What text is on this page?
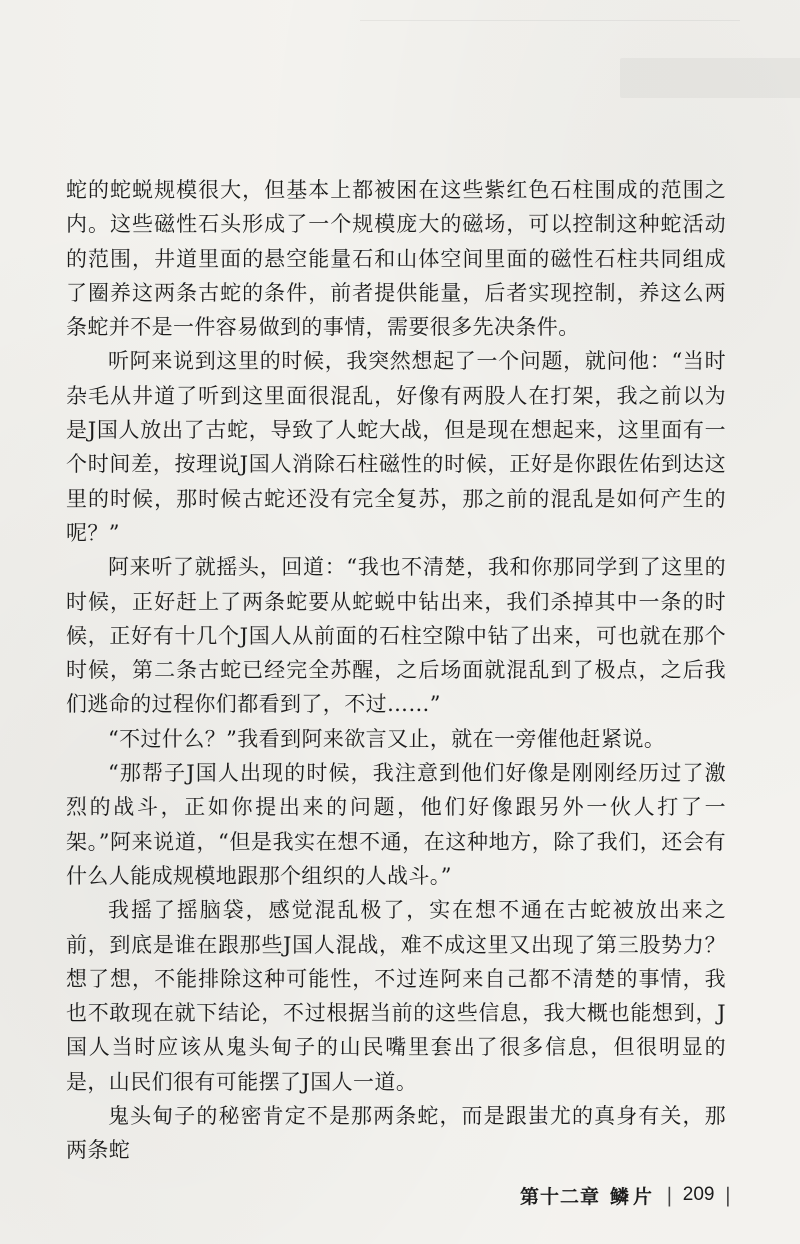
蛇的蛇蜕规模很大，但基本上都被困在这些紫红色石柱围成的范围之内。这些磁性石头形成了一个规模庞大的磁场，可以控制这种蛇活动的范围，井道里面的悬空能量石和山体空间里面的磁性石柱共同组成了圈养这两条古蛇的条件，前者提供能量，后者实现控制，养这么两条蛇并不是一件容易做到的事情，需要很多先决条件。

听阿来说到这里的时候，我突然想起了一个问题，就问他：“当时杂毛从井道了听到这里面很混乱，好像有两股人在打架，我之前以为是J国人放出了古蛇，导致了人蛇大战，但是现在想起来，这里面有一个时间差，按理说J国人消除石柱磁性的时候，正好是你跟佐佑到达这里的时候，那时候古蛇还没有完全复苏，那之前的混乱是如何产生的呢？”

阿来听了就摇头，回道：“我也不清楚，我和你那同学到了这里的时候，正好赶上了两条蛇要从蛇蜕中钻出来，我们杀掉其中一条的时候，正好有十几个J国人从前面的石柱空隙中钻了出来，可也就在那个时候，第二条古蛇已经完全苏醒，之后场面就混乱到了极点，之后我们逃命的过程你们都看到了，不过……”

“不过什么？”我看到阿来欲言又止，就在一旁催他赶紧说。

“那帮子J国人出现的时候，我注意到他们好像是刚刚经历过了激烈的战斗，正如你提出来的问题，他们好像跟另外一伙人打了一架。”阿来说道，“但是我实在想不通，在这种地方，除了我们，还会有什么人能成规模地跟那个组织的人战斗。”

我摇了摇脑袋，感觉混乱极了，实在想不通在古蛇被放出来之前，到底是谁在跟那些J国人混战，难不成这里又出现了第三股势力？想了想，不能排除这种可能性，不过连阿来自己都不清楚的事情，我也不敢现在就下结论，不过根据当前的这些信息，我大概也能想到，J国人当时应该从鬼头甸子的山民嘴里套出了很多信息，但很明显的是，山民们很有可能摆了J国人一道。

鬼头甸子的秘密肯定不是那两条蛇，而是跟蚩尤的真身有关，那两条蛇

第十二章 鳞片 | 209 |
